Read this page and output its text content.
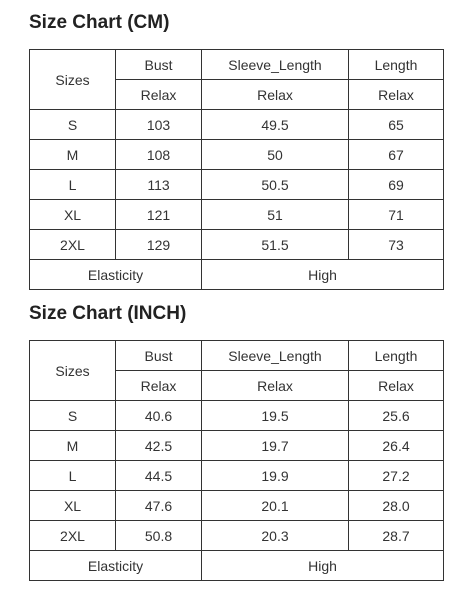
Size Chart (CM)
Sizes	Bust	Sleeve_Length	Length
	Relax	Relax	Relax
S	103	49.5	65
M	108	50	67
L	113	50.5	69
XL	121	51	71
2XL	129	51.5	73
Elasticity		High	
Size Chart (INCH)
Sizes	Bust	Sleeve_Length	Length
	Relax	Relax	Relax
S	40.6	19.5	25.6
M	42.5	19.7	26.4
L	44.5	19.9	27.2
XL	47.6	20.1	28.0
2XL	50.8	20.3	28.7
Elasticity		High	
